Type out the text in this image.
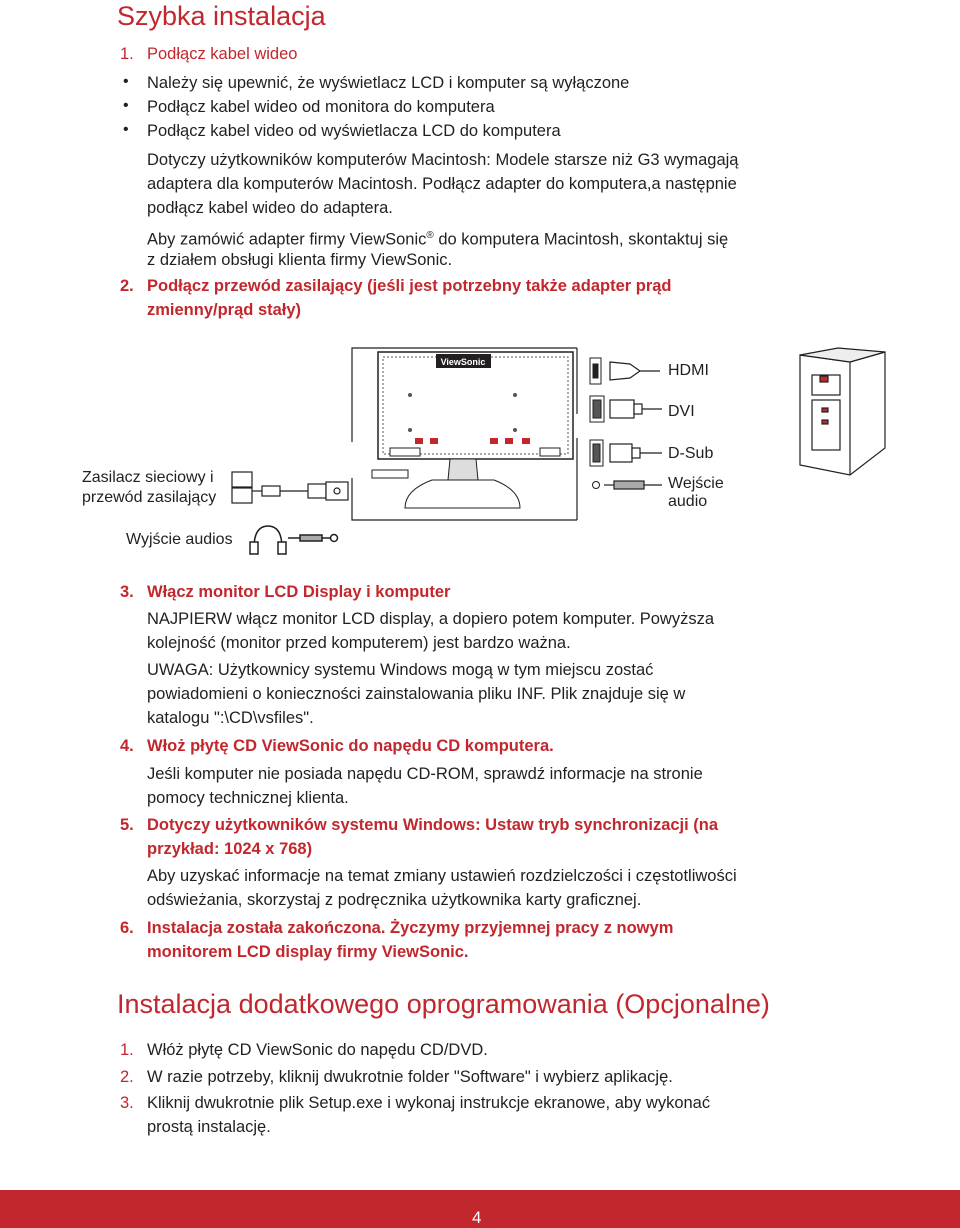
Szybka instalacja
1. Podłącz kabel wideo
• Należy się upewnić, że wyświetlacz LCD i komputer są wyłączone
• Podłącz kabel wideo od monitora do komputera
• Podłącz kabel video od wyświetlacza LCD do komputera
Dotyczy użytkowników komputerów Macintosh: Modele starsze niż G3 wymagają
adaptera dla komputerów Macintosh. Podłącz adapter do komputera,a następnie
podłącz kabel wideo do adaptera.
Aby zamówić adapter firmy ViewSonic® do komputera Macintosh, skontaktuj się
z działem obsługi klienta firmy ViewSonic.
2. Podłącz przewód zasilający (jeśli jest potrzebny także adapter prąd
zmienny/prąd stały)
ViewSonic	HDMI
DVI
D-Sub
Wejście
audio
Zasilacz sieciowy i
przewód zasilający
Wyjście audios
3. Włącz monitor LCD Display i komputer
NAJPIERW włącz monitor LCD display, a dopiero potem komputer. Powyższa
kolejność (monitor przed komputerem) jest bardzo ważna.
UWAGA: Użytkownicy systemu Windows mogą w tym miejscu zostać
powiadomieni o konieczności zainstalowania pliku INF. Plik znajduje się w
katalogu ":\CD\vsfiles".
4. Włoż płytę CD ViewSonic do napędu CD komputera.
Jeśli komputer nie posiada napędu CD-ROM, sprawdź informacje na stronie
pomocy technicznej klienta.
5. Dotyczy użytkowników systemu Windows: Ustaw tryb synchronizacji (na
przykład: 1024 x 768)
Aby uzyskać informacje na temat zmiany ustawień rozdzielczości i częstotliwości
odświeżania, skorzystaj z podręcznika użytkownika karty graficznej.
6. Instalacja została zakończona. Życzymy przyjemnej pracy z nowym
monitorem LCD display firmy ViewSonic.
Instalacja dodatkowego oprogramowania (Opcjonalne)
1. Włóż płytę CD ViewSonic do napędu CD/DVD.
2. W razie potrzeby, kliknij dwukrotnie folder "Software" i wybierz aplikację.
3. Kliknij dwukrotnie plik Setup.exe i wykonaj instrukcje ekranowe, aby wykonać
prostą instalację.
4
